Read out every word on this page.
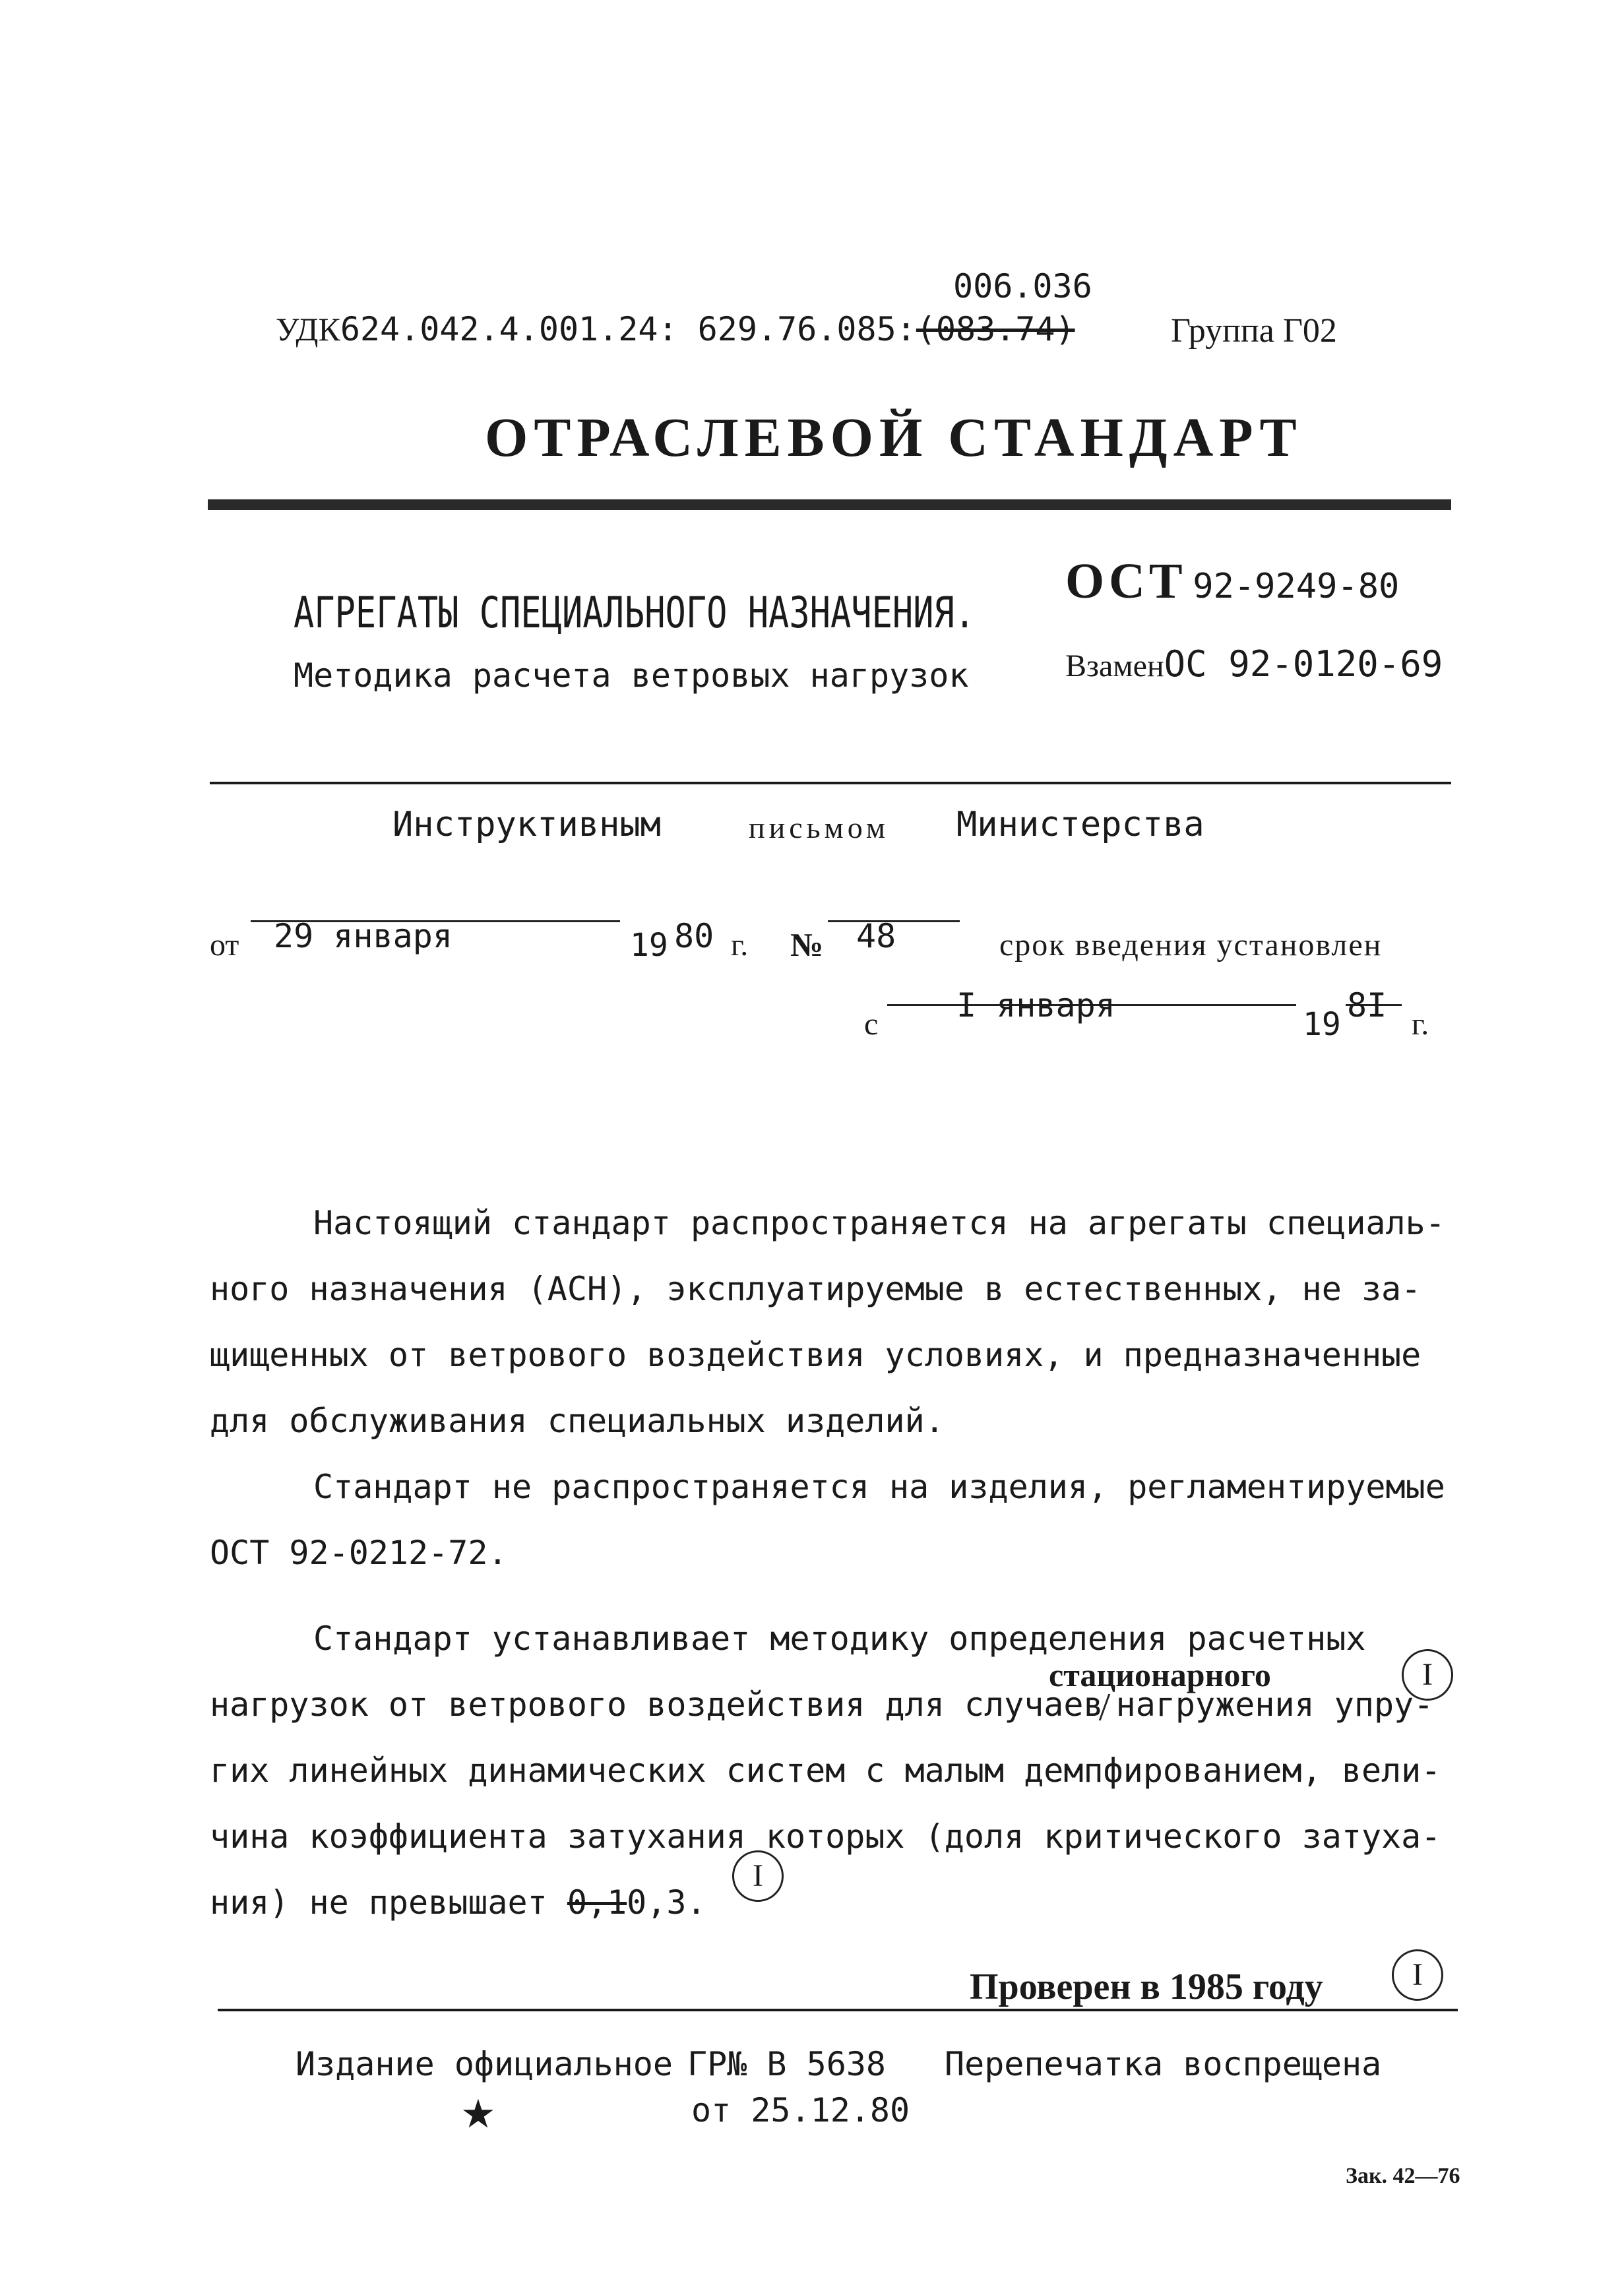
006.036
УДК624.042.4.001.24: 629.76.085:(083.74)	Группа Г02
ОТРАСЛЕВОЙ СТАНДАРТ
АГРЕГАТЫ СПЕЦИАЛЬНОГО НАЗНАЧЕНИЯ.
Методика расчета ветровых нагрузок
ОСТ 92-9249-80
ВзаменОС 92-0120-69
Инструктивным	письмом Министерства
от 29 января	19 80 г. № 48	срок введения установлен
с I января	19 8I г.
Настоящий стандарт распространяется на агрегаты специаль-
ного назначения (АСН), эксплуатируемые в естественных, не за-
щищенных от ветрового воздействия условиях, и предназначенные
для обслуживания специальных изделий.
Стандарт не распространяется на изделия, регламентируемые
ОСТ 92-0212-72.
Стандарт устанавливает методику определения расчетных
стационарного
нагрузок от ветрового воздействия для случаев нагружения упру-
гих линейных динамических систем с малым демпфированием, вели-
чина коэффициента затухания которых (доля критического затуха-
ния) не превышает 0,10,3.
I
I
I
Проверен в 1985 году
Издание официальное ГР№ В 5638 Перепечатка воспрещена
★	от 25.12.80
Зак. 42—76
